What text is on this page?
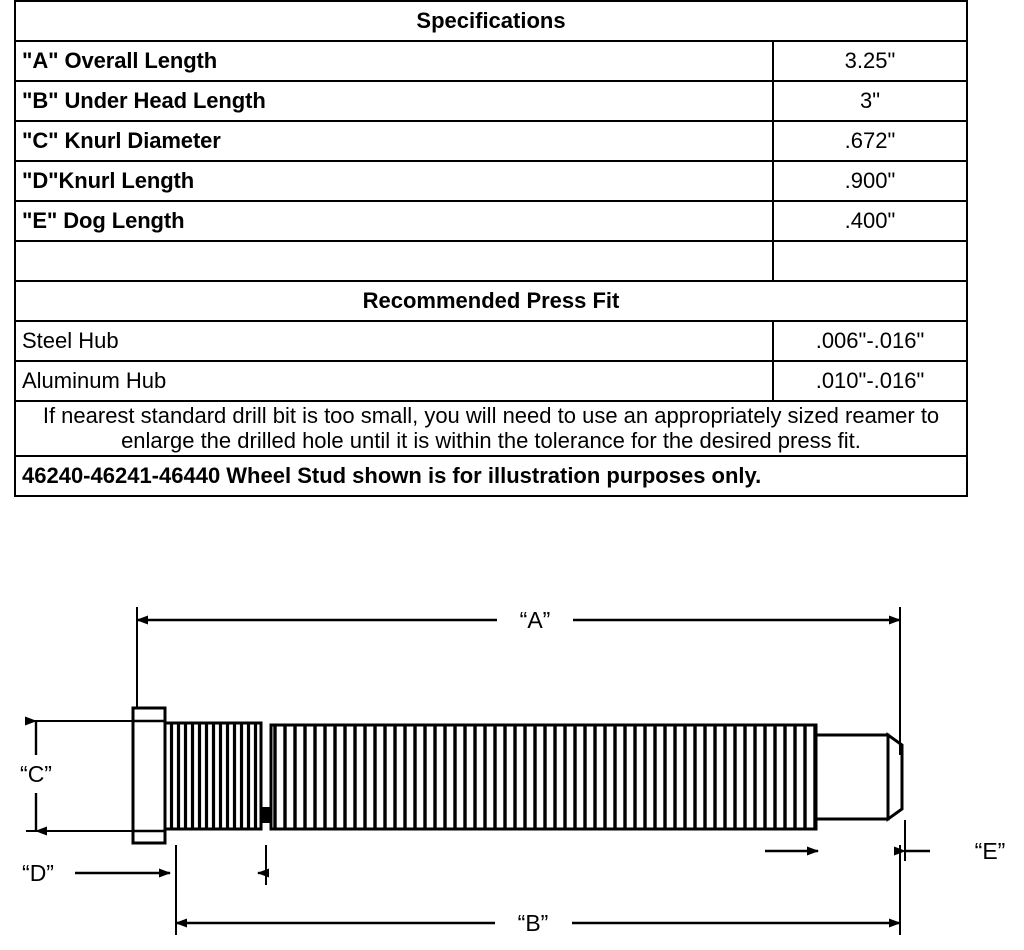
Specifications	
"A" Overall Length	3.25"
"B" Under Head Length	3"
"C" Knurl Diameter	.672"
"D"Knurl Length	.900"
"E" Dog Length	.400"

Recommended Press Fit	
Steel Hub	.006"-.016"
Aluminum Hub	.010"-.016"
If nearest standard drill bit is too small, you will need to use an appropriately sized reamer to enlarge the drilled hole until it is within the tolerance for the desired press fit.	
46240-46241-46440 Wheel Stud shown is for illustration purposes only.	
“A”
“B”
“C”
“D”
“E”
